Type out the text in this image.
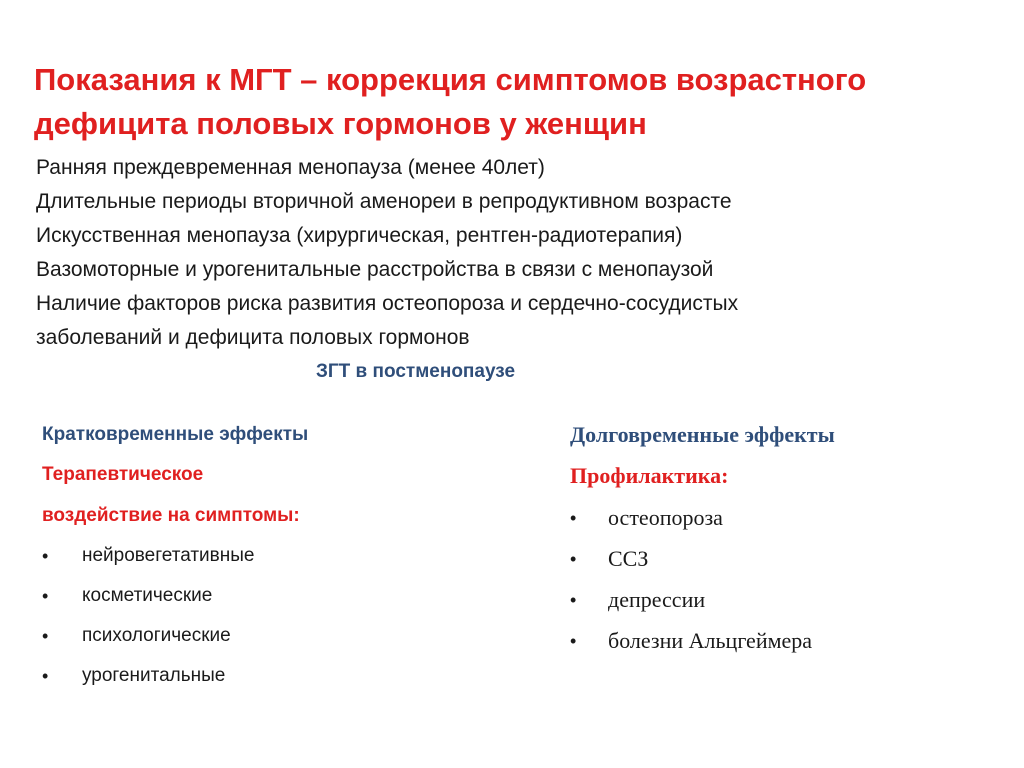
Показания к МГТ – коррекция симптомов возрастного
дефицита половых гормонов у женщин
Ранняя преждевременная менопауза (менее 40лет)
Длительные периоды вторичной аменореи в репродуктивном возрасте
Искусственная менопауза (хирургическая, рентген-радиотерапия)
Вазомоторные и урогенитальные расстройства в связи с менопаузой
Наличие факторов риска развития остеопороза и сердечно-сосудистых
заболеваний и дефицита половых гормонов
ЗГТ в постменопаузе
Кратковременные эффекты
Терапевтическое
воздействие на симптомы:
•	нейровегетативные
•	косметические
•	психологические
•	урогенитальные
Долговременные эффекты
Профилактика:
•	остеопороза
•	ССЗ
•	депрессии
•	болезни Альцгеймера
